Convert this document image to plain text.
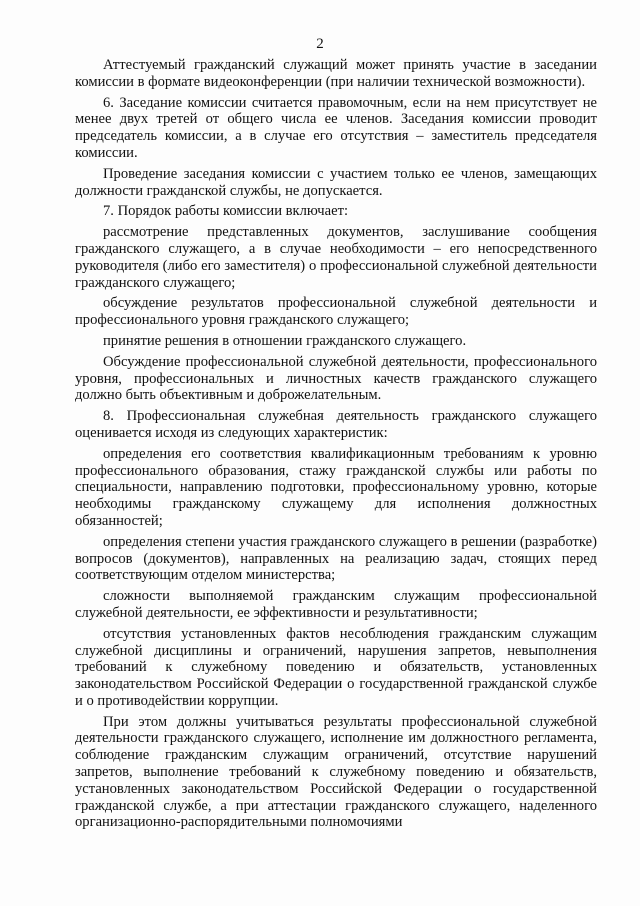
2

Аттестуемый гражданский служащий может принять участие в заседании комиссии в формате видеоконференции (при наличии технической возможности).

6. Заседание комиссии считается правомочным, если на нем присутствует не менее двух третей от общего числа ее членов. Заседания комиссии проводит председатель комиссии, а в случае его отсутствия – заместитель председателя комиссии.

Проведение заседания комиссии с участием только ее членов, замещающих должности гражданской службы, не допускается.

7. Порядок работы комиссии включает:

рассмотрение представленных документов, заслушивание сообщения гражданского служащего, а в случае необходимости – его непосредственного руководителя (либо его заместителя) о профессиональной служебной деятельности гражданского служащего;

обсуждение результатов профессиональной служебной деятельности и профессионального уровня гражданского служащего;

принятие решения в отношении гражданского служащего.

Обсуждение профессиональной служебной деятельности, профессионального уровня, профессиональных и личностных качеств гражданского служащего должно быть объективным и доброжелательным.

8. Профессиональная служебная деятельность гражданского служащего оценивается исходя из следующих характеристик:

определения его соответствия квалификационным требованиям к уровню профессионального образования, стажу гражданской службы или работы по специальности, направлению подготовки, профессиональному уровню, которые необходимы гражданскому служащему для исполнения должностных обязанностей;

определения степени участия гражданского служащего в решении (разработке) вопросов (документов), направленных на реализацию задач, стоящих перед соответствующим отделом министерства;

сложности выполняемой гражданским служащим профессиональной служебной деятельности, ее эффективности и результативности;

отсутствия установленных фактов несоблюдения гражданским служащим служебной дисциплины и ограничений, нарушения запретов, невыполнения требований к служебному поведению и обязательств, установленных законодательством Российской Федерации о государственной гражданской службе и о противодействии коррупции.

При этом должны учитываться результаты профессиональной служебной деятельности гражданского служащего, исполнение им должностного регламента, соблюдение гражданским служащим ограничений, отсутствие нарушений запретов, выполнение требований к служебному поведению и обязательств, установленных законодательством Российской Федерации о государственной гражданской службе, а при аттестации гражданского служащего, наделенного организационно-распорядительными полномочиями
